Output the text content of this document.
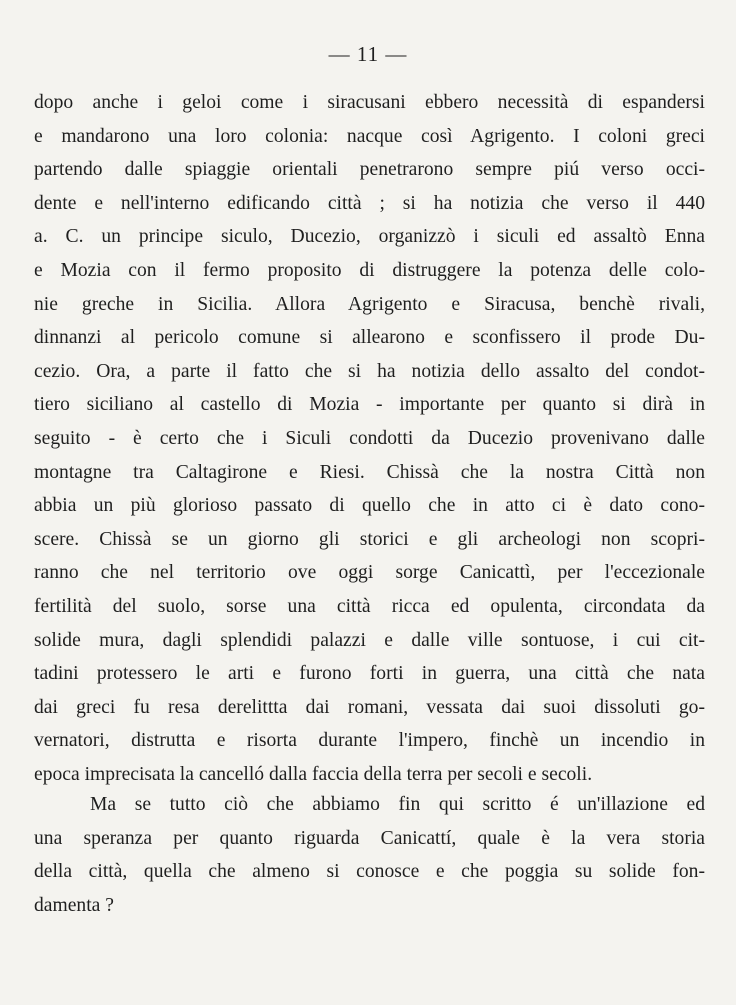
— 11 —
dopo anche i geloi come i siracusani ebbero necessità di espandersi
e mandarono una loro colonia: nacque così Agrigento. I coloni greci
partendo dalle spiaggie orientali penetrarono sempre piú verso occi-
dente e nell'interno edificando città ; si ha notizia che verso il 440
a. C. un principe siculo, Ducezio, organizzò i siculi ed assaltò Enna
e Mozia con il fermo proposito di distruggere la potenza delle colo-
nie greche in Sicilia. Allora Agrigento e Siracusa, benchè rivali,
dinnanzi al pericolo comune si allearono e sconfissero il prode Du-
cezio. Ora, a parte il fatto che si ha notizia dello assalto del condot-
tiero siciliano al castello di Mozia - importante per quanto si dirà in
seguito - è certo che i Siculi condotti da Ducezio provenivano dalle
montagne tra Caltagirone e Riesi. Chissà che la nostra Città non
abbia un più glorioso passato di quello che in atto ci è dato cono-
scere. Chissà se un giorno gli storici e gli archeologi non scopri-
ranno che nel territorio ove oggi sorge Canicattì, per l'eccezionale
fertilità del suolo, sorse una città ricca ed opulenta, circondata da
solide mura, dagli splendidi palazzi e dalle ville sontuose, i cui cit-
tadini protessero le arti e furono forti in guerra, una città che nata
dai greci fu resa derelittta dai romani, vessata dai suoi dissoluti go-
vernatori, distrutta e risorta durante l'impero, finchè un incendio in
epoca imprecisata la cancelló dalla faccia della terra per secoli e secoli.
Ma se tutto ciò che abbiamo fin qui scritto é un'illazione ed
una speranza per quanto riguarda Canicattí, quale è la vera storia
della città, quella che almeno si conosce e che poggia su solide fon-
damenta ?
